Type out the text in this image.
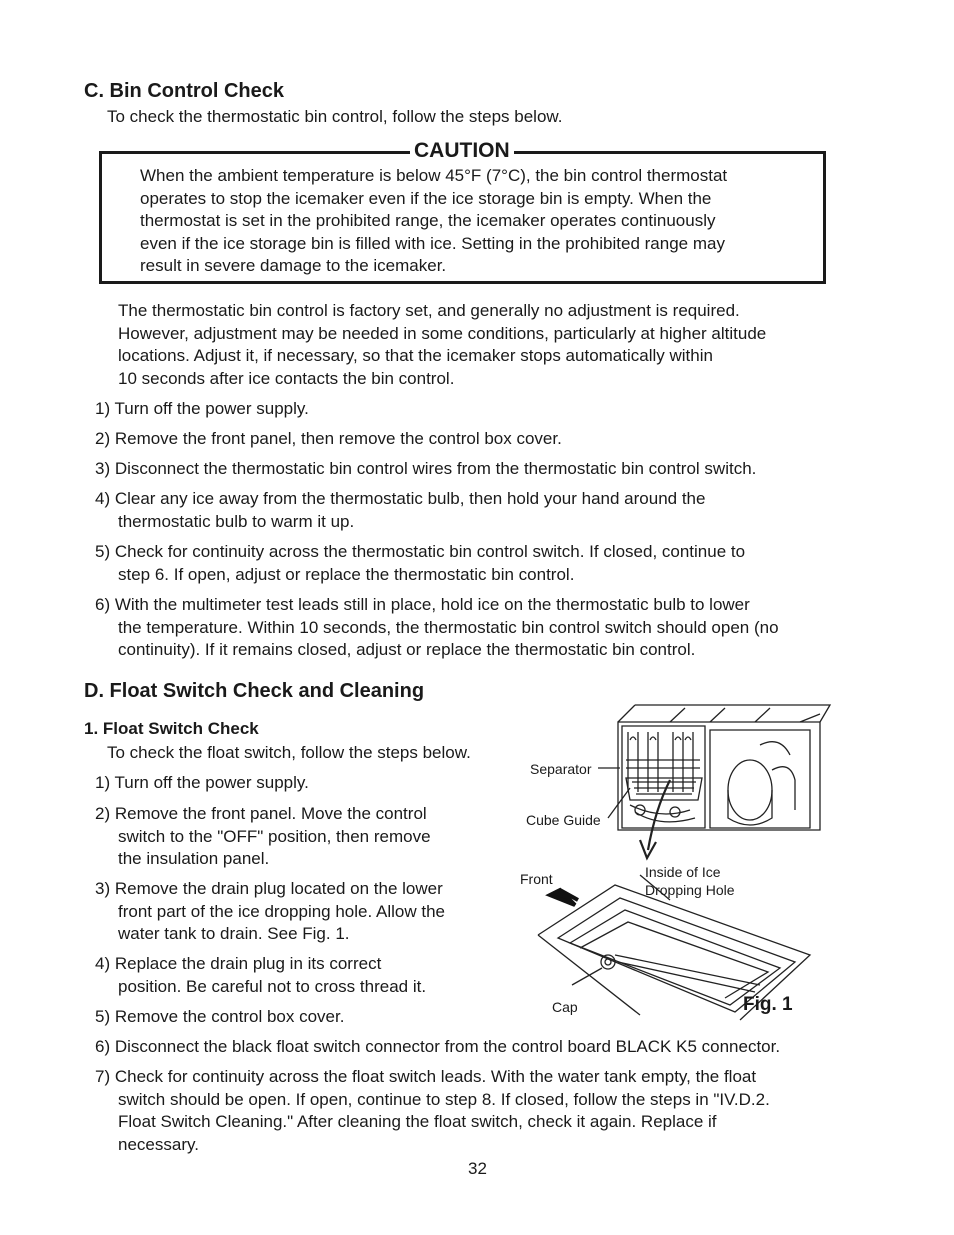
C. Bin Control Check
To check the thermostatic bin control, follow the steps below.
CAUTION
When the ambient temperature is below 45°F (7°C), the bin control thermostat
operates to stop the icemaker even if the ice storage bin is empty. When the
thermostat is set in the prohibited range, the icemaker operates continuously
even if the ice storage bin is filled with ice. Setting in the prohibited range may
result in severe damage to the icemaker.
The thermostatic bin control is factory set, and generally no adjustment is required.
However, adjustment may be needed in some conditions, particularly at higher altitude
locations. Adjust it, if necessary, so that the icemaker stops automatically within
10 seconds after ice contacts the bin control.
1) Turn off the power supply.
2) Remove the front panel, then remove the control box cover.
3) Disconnect the thermostatic bin control wires from the thermostatic bin control switch.
4) Clear any ice away from the thermostatic bulb, then hold your hand around the
thermostatic bulb to warm it up.
5) Check for continuity across the thermostatic bin control switch. If closed, continue to
step 6. If open, adjust or replace the thermostatic bin control.
6) With the multimeter test leads still in place, hold ice on the thermostatic bulb to lower
the temperature. Within 10 seconds, the thermostatic bin control switch should open (no
continuity). If it remains closed, adjust or replace the thermostatic bin control.
D. Float Switch Check and Cleaning
1. Float Switch Check
To check the float switch, follow the steps below.
1) Turn off the power supply.
2) Remove the front panel. Move the control
switch to the "OFF" position, then remove
the insulation panel.
3) Remove the drain plug located on the lower
front part of the ice dropping hole. Allow the
water tank to drain. See Fig. 1.
4) Replace the drain plug in its correct
position. Be careful not to cross thread it.
5) Remove the control box cover.
6) Disconnect the black float switch connector from the control board BLACK K5 connector.
7) Check for continuity across the float switch leads. With the water tank empty, the float
switch should be open. If open, continue to step 8. If closed, follow the steps in "IV.D.2.
Float Switch Cleaning." After cleaning the float switch, check it again. Replace if
necessary.
Separator
Cube Guide
Front	Inside of Ice
Dropping Hole
Cap	Fig. 1
32
